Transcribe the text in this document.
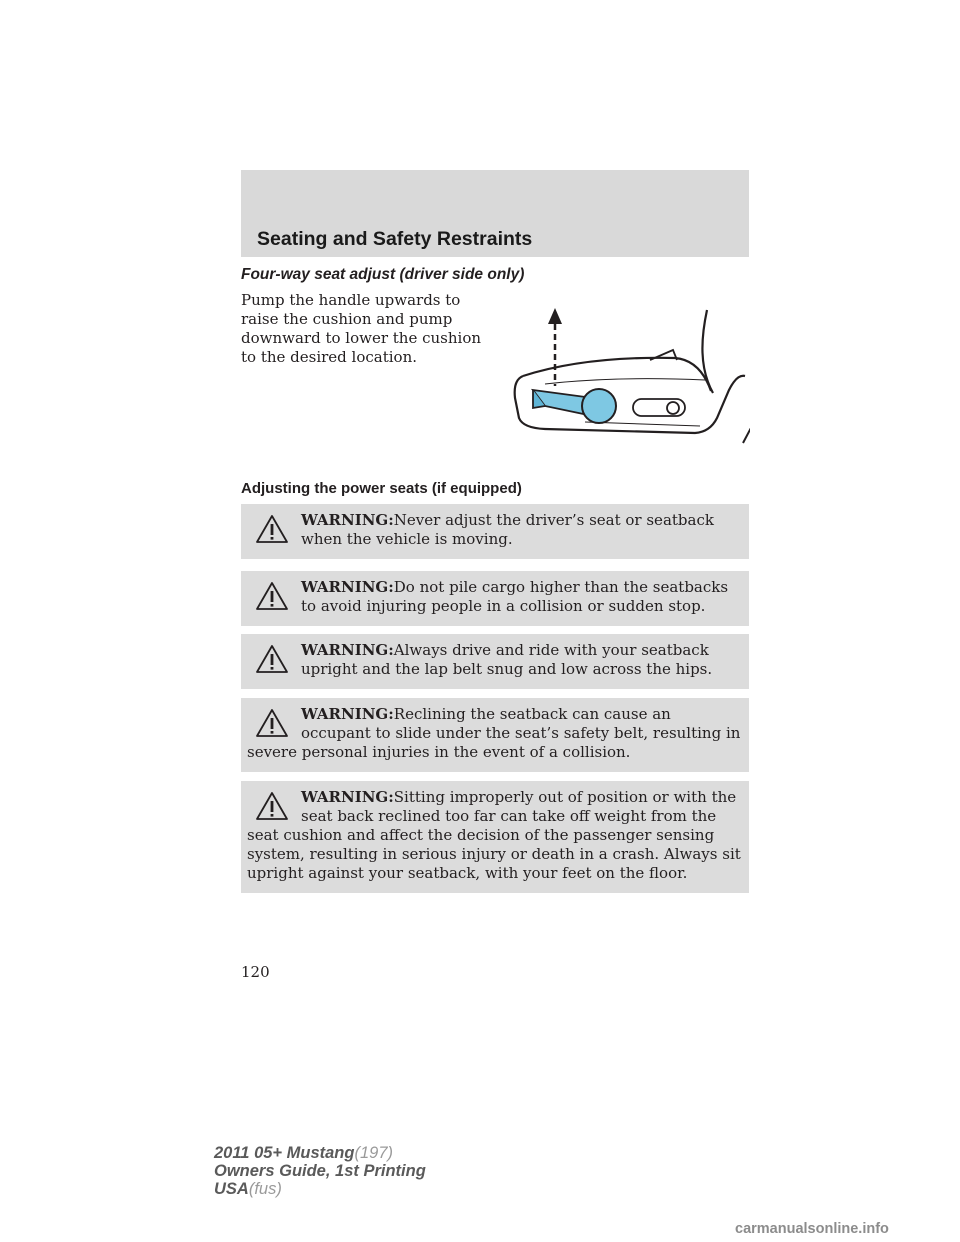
Seating and Safety Restraints
Four-way seat adjust (driver side only)

Pump the handle upwards to raise the cushion and pump downward to lower the cushion to the desired location.

Adjusting the power seats (if equipped)

WARNING:Never adjust the driver’s seat or seatback when the vehicle is moving.

WARNING:Do not pile cargo higher than the seatbacks to avoid injuring people in a collision or sudden stop.

WARNING:Always drive and ride with your seatback upright and the lap belt snug and low across the hips.

WARNING:Reclining the seatback can cause an occupant to slide under the seat’s safety belt, resulting in severe personal injuries in the event of a collision.

WARNING:Sitting improperly out of position or with the seat back reclined too far can take off weight from the seat cushion and affect the decision of the passenger sensing system, resulting in serious injury or death in a crash. Always sit upright against your seatback, with your feet on the floor.

120
2011 05+ Mustang(197)
Owners Guide, 1st Printing
USA(fus)
carmanualsonline.info
